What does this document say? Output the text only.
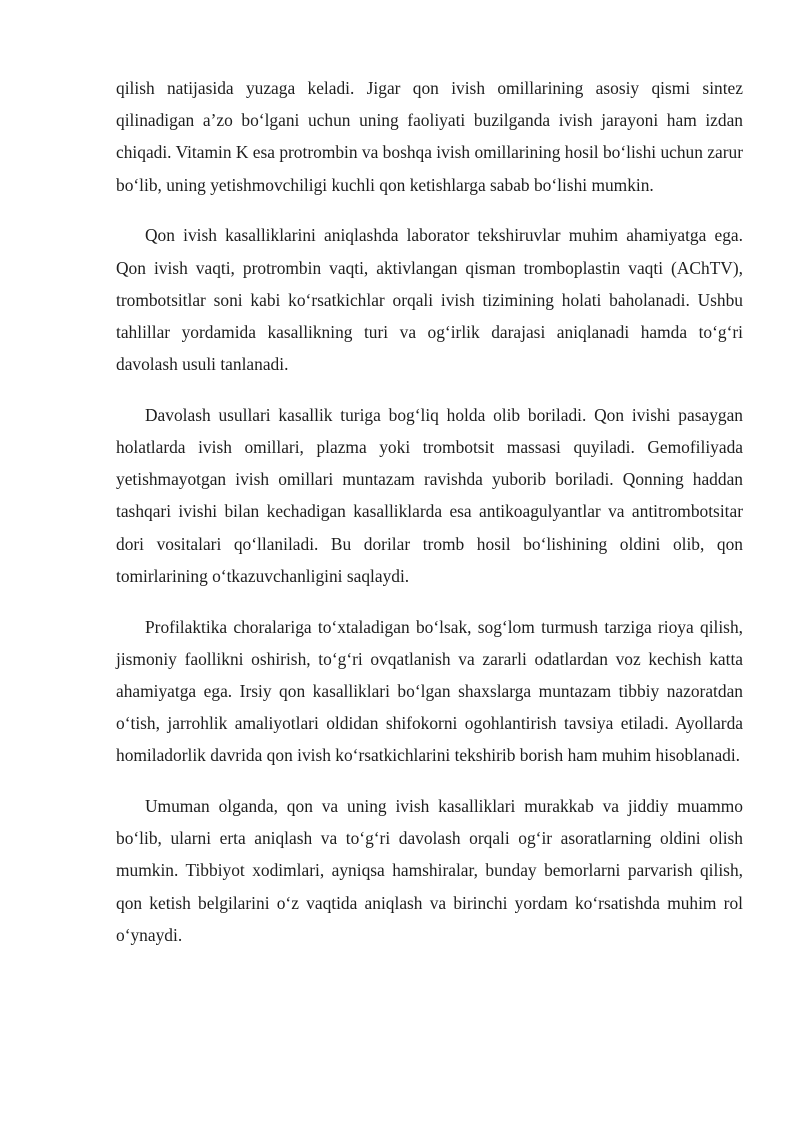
qilish natijasida yuzaga keladi. Jigar qon ivish omillarining asosiy qismi sintez qilinadigan a’zo bo‘lgani uchun uning faoliyati buzilganda ivish jarayoni ham izdan chiqadi. Vitamin K esa protrombin va boshqa ivish omillarining hosil bo‘lishi uchun zarur bo‘lib, uning yetishmovchiligi kuchli qon ketishlarga sabab bo‘lishi mumkin.

Qon ivish kasalliklarini aniqlashda laborator tekshiruvlar muhim ahamiyatga ega. Qon ivish vaqti, protrombin vaqti, aktivlangan qisman tromboplastin vaqti (AChTV), trombotsitlar soni kabi ko‘rsatkichlar orqali ivish tizimining holati baholanadi. Ushbu tahlillar yordamida kasallikning turi va og‘irlik darajasi aniqlanadi hamda to‘g‘ri davolash usuli tanlanadi.

Davolash usullari kasallik turiga bog‘liq holda olib boriladi. Qon ivishi pasaygan holatlarda ivish omillari, plazma yoki trombotsit massasi quyiladi. Gemofiliyada yetishmayotgan ivish omillari muntazam ravishda yuborib boriladi. Qonning haddan tashqari ivishi bilan kechadigan kasalliklarda esa antikoagulyantlar va antitrombotsitar dori vositalari qo‘llaniladi. Bu dorilar tromb hosil bo‘lishining oldini olib, qon tomirlarining o‘tkazuvchanligini saqlaydi.

Profilaktika choralariga to‘xtaladigan bo‘lsak, sog‘lom turmush tarziga rioya qilish, jismoniy faollikni oshirish, to‘g‘ri ovqatlanish va zararli odatlardan voz kechish katta ahamiyatga ega. Irsiy qon kasalliklari bo‘lgan shaxslarga muntazam tibbiy nazoratdan o‘tish, jarrohlik amaliyotlari oldidan shifokorni ogohlantirish tavsiya etiladi. Ayollarda homiladorlik davrida qon ivish ko‘rsatkichlarini tekshirib borish ham muhim hisoblanadi.

Umuman olganda, qon va uning ivish kasalliklari murakkab va jiddiy muammo bo‘lib, ularni erta aniqlash va to‘g‘ri davolash orqali og‘ir asoratlarning oldini olish mumkin. Tibbiyot xodimlari, ayniqsa hamshiralar, bunday bemorlarni parvarish qilish, qon ketish belgilarini o‘z vaqtida aniqlash va birinchi yordam ko‘rsatishda muhim rol o‘ynaydi.
